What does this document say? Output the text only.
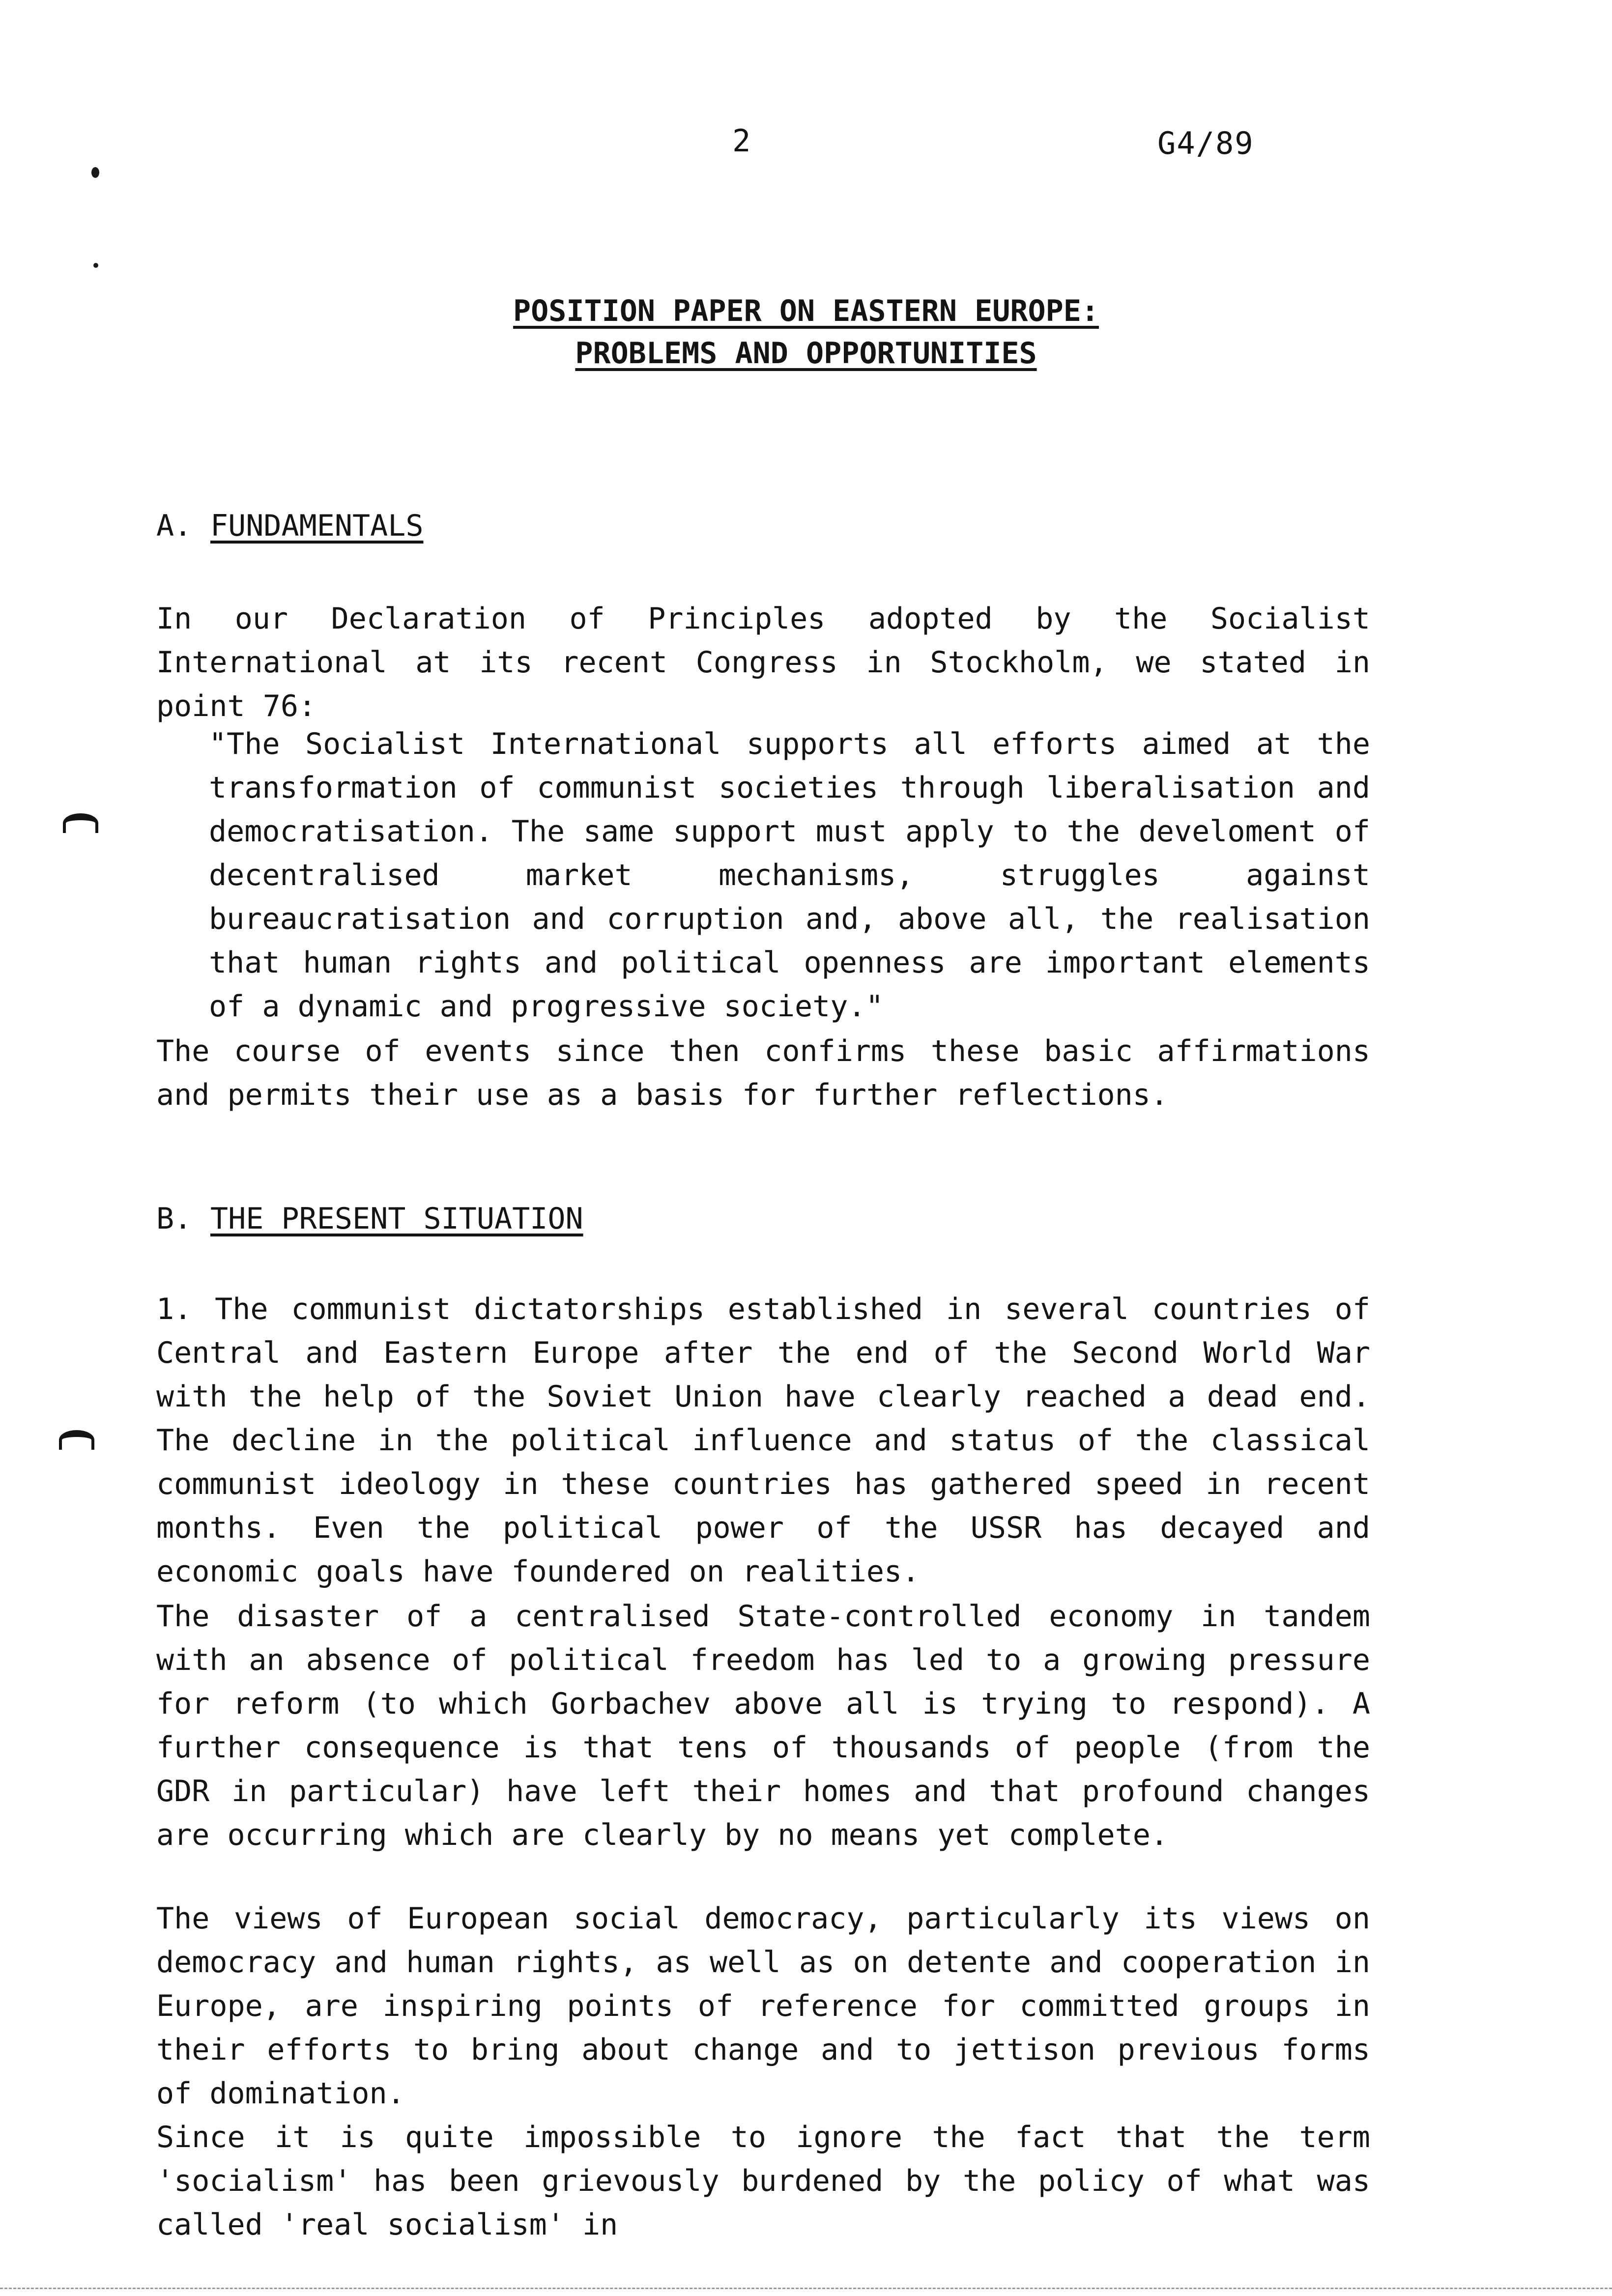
2	G4/89
POSITION PAPER ON EASTERN EUROPE:
PROBLEMS AND OPPORTUNITIES
A. FUNDAMENTALS

In our Declaration of Principles adopted by the Socialist International at its recent Congress in Stockholm, we stated in point 76:

"The Socialist International supports all efforts aimed at the transformation of communist societies through liberalisation and democratisation. The same support must apply to the develoment of decentralised market mechanisms, struggles against bureaucratisation and corruption and, above all, the realisation that human rights and political openness are important elements of a dynamic and progressive society."

The course of events since then confirms these basic affirmations and permits their use as a basis for further reflections.

B. THE PRESENT SITUATION

1. The communist dictatorships established in several countries of Central and Eastern Europe after the end of the Second World War with the help of the Soviet Union have clearly reached a dead end. The decline in the political influence and status of the classical communist ideology in these countries has gathered speed in recent months. Even the political power of the USSR has decayed and economic goals have foundered on realities.

The disaster of a centralised State-controlled economy in tandem with an absence of political freedom has led to a growing pressure for reform (to which Gorbachev above all is trying to respond). A further consequence is that tens of thousands of people (from the GDR in particular) have left their homes and that profound changes are occurring which are clearly by no means yet complete.

The views of European social democracy, particularly its views on democracy and human rights, as well as on detente and cooperation in Europe, are inspiring points of reference for committed groups in their efforts to bring about change and to jettison previous forms of domination.

Since it is quite impossible to ignore the fact that the term 'socialism' has been grievously burdened by the policy of what was called 'real socialism' in
